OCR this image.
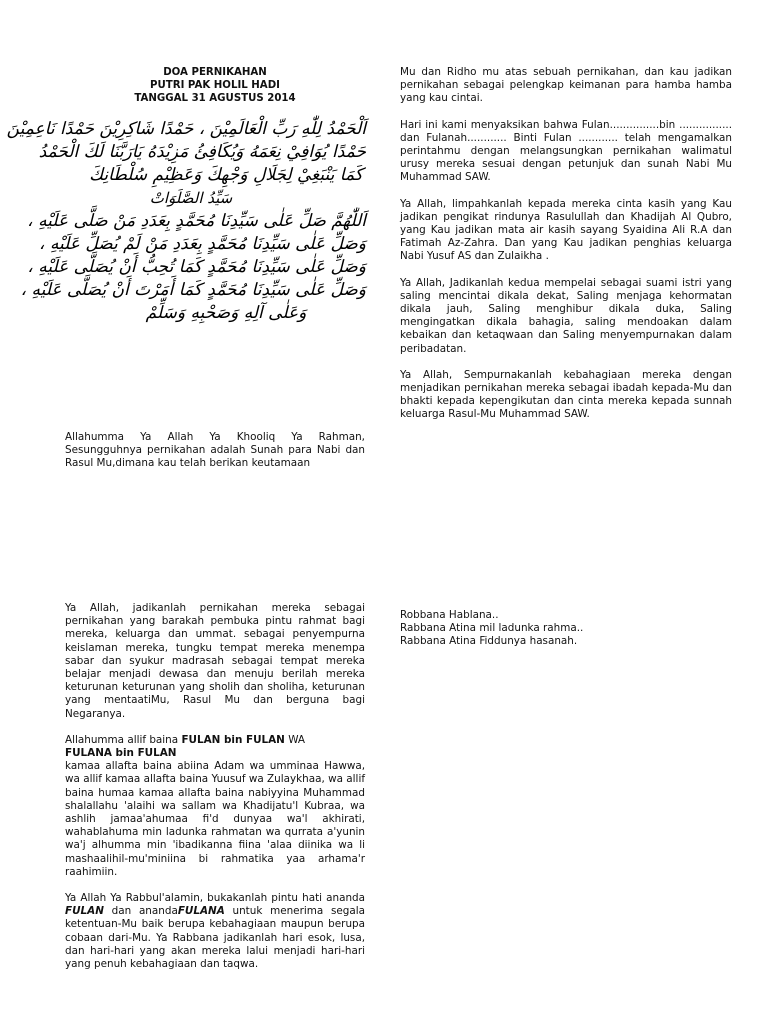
DOA PERNIKAHAN

PUTRI PAK HOLIL HADI

TANGGAL 31 AGUSTUS 2014

اَلْحَمْدُ لِلّٰهِ رَبِّ الْعَالَمِيْنَ ، حَمْدًا شَاكِرِيْنَ حَمْدًا نَاعِمِيْنَ
حَمْدًا يُوَافِيْ نِعَمَهُ وَيُكَافِئُ مَزِيْدَهُ يَارَبَّنَا لَكَ الْحَمْدُ
كَمَا يَنْبَغِيْ لِجَلَالِ وَجْهِكَ وَعَظِيْمِ سُلْطَانِكَ
سَيِّدُ الصَّلَوَاتْ
اَللّٰهُمَّ صَلِّ عَلٰى سَيِّدِنَا مُحَمَّدٍ بِعَدَدِ مَنْ صَلَّى عَلَيْهِ ،
وَصَلِّ عَلٰى سَيِّدِنَا مُحَمَّدٍ بِعَدَدِ مَنْ لَمْ يُصَلِّ عَلَيْهِ ،
وَصَلِّ عَلٰى سَيِّدِنَا مُحَمَّدٍ كَمَا تُحِبُّ أَنْ يُصَلَّى عَلَيْهِ ،
وَصَلِّ عَلٰى سَيِّدِنَا مُحَمَّدٍ كَمَا أَمَرْتَ أَنْ يُصَلَّى عَلَيْهِ ،
وَعَلٰى آلِهِ وَصَحْبِهِ وَسَلِّمْ

Allahumma Ya Allah Ya Khooliq Ya Rahman, Sesungguhnya pernikahan adalah Sunah para Nabi dan Rasul Mu,dimana kau telah berikan keutamaan

Mu dan Ridho mu atas sebuah pernikahan, dan kau jadikan pernikahan sebagai pelengkap keimanan para hamba hamba yang kau cintai.

Hari ini kami menyaksikan bahwa Fulan...............bin ................ dan Fulanah............ Binti Fulan ............ telah mengamalkan perintahmu dengan melangsungkan pernikahan walimatul urusy mereka sesuai dengan petunjuk dan sunah Nabi Mu Muhammad SAW.

Ya Allah, limpahkanlah kepada mereka cinta kasih yang Kau jadikan pengikat rindunya Rasulullah dan Khadijah Al Qubro, yang Kau jadikan mata air kasih sayang Syaidina Ali R.A dan Fatimah Az-Zahra. Dan yang Kau jadikan penghias keluarga Nabi Yusuf AS dan Zulaikha .

Ya Allah, Jadikanlah kedua mempelai sebagai suami istri yang saling mencintai dikala dekat, Saling menjaga kehormatan dikala jauh, Saling menghibur dikala duka, Saling mengingatkan dikala bahagia, saling mendoakan dalam kebaikan dan ketaqwaan dan Saling menyempurnakan dalam peribadatan.

Ya Allah, Sempurnakanlah kebahagiaan mereka dengan menjadikan pernikahan mereka sebagai ibadah kepada-Mu dan bhakti kepada kepengikutan dan cinta mereka kepada sunnah keluarga Rasul-Mu Muhammad SAW.

Ya Allah, jadikanlah pernikahan mereka sebagai pernikahan yang barakah pembuka pintu rahmat bagi mereka, keluarga dan ummat. sebagai penyempurna keislaman mereka, tungku tempat mereka menempa sabar dan syukur madrasah sebagai tempat mereka belajar menjadi dewasa dan menuju berilah mereka keturunan keturunan yang sholih dan sholiha, keturunan yang mentaatiMu, Rasul Mu dan berguna bagi Negaranya.

Allahumma allif baina FULAN bin FULAN WA
FULANA bin FULAN
kamaa allafta baina abiina Adam wa umminaa Hawwa, wa allif kamaa allafta baina Yuusuf wa Zulaykhaa, wa allif baina humaa kamaa allafta baina nabiyyina Muhammad shalallahu 'alaihi wa sallam wa Khadijatu'l Kubraa, wa ashlih jamaa'ahumaa fi'd dunyaa wa'l akhirati, wahablahuma min ladunka rahmatan wa qurrata a'yunin wa'j alhumma min 'ibadikanna fiina 'alaa diinika wa li mashaalihil-mu'miniina bi rahmatika yaa arhama'r raahimiin.

Ya Allah Ya Rabbul'alamin, bukakanlah pintu hati ananda FULAN dan anandaFULANA untuk menerima segala ketentuan-Mu baik berupa kebahagiaan maupun berupa cobaan dari-Mu. Ya Rabbana jadikanlah hari esok, lusa, dan hari-hari yang akan mereka lalui menjadi hari-hari yang penuh kebahagiaan dan taqwa.

Robbana Hablana..
Rabbana Atina mil ladunka rahma..
Rabbana Atina Fiddunya hasanah.
